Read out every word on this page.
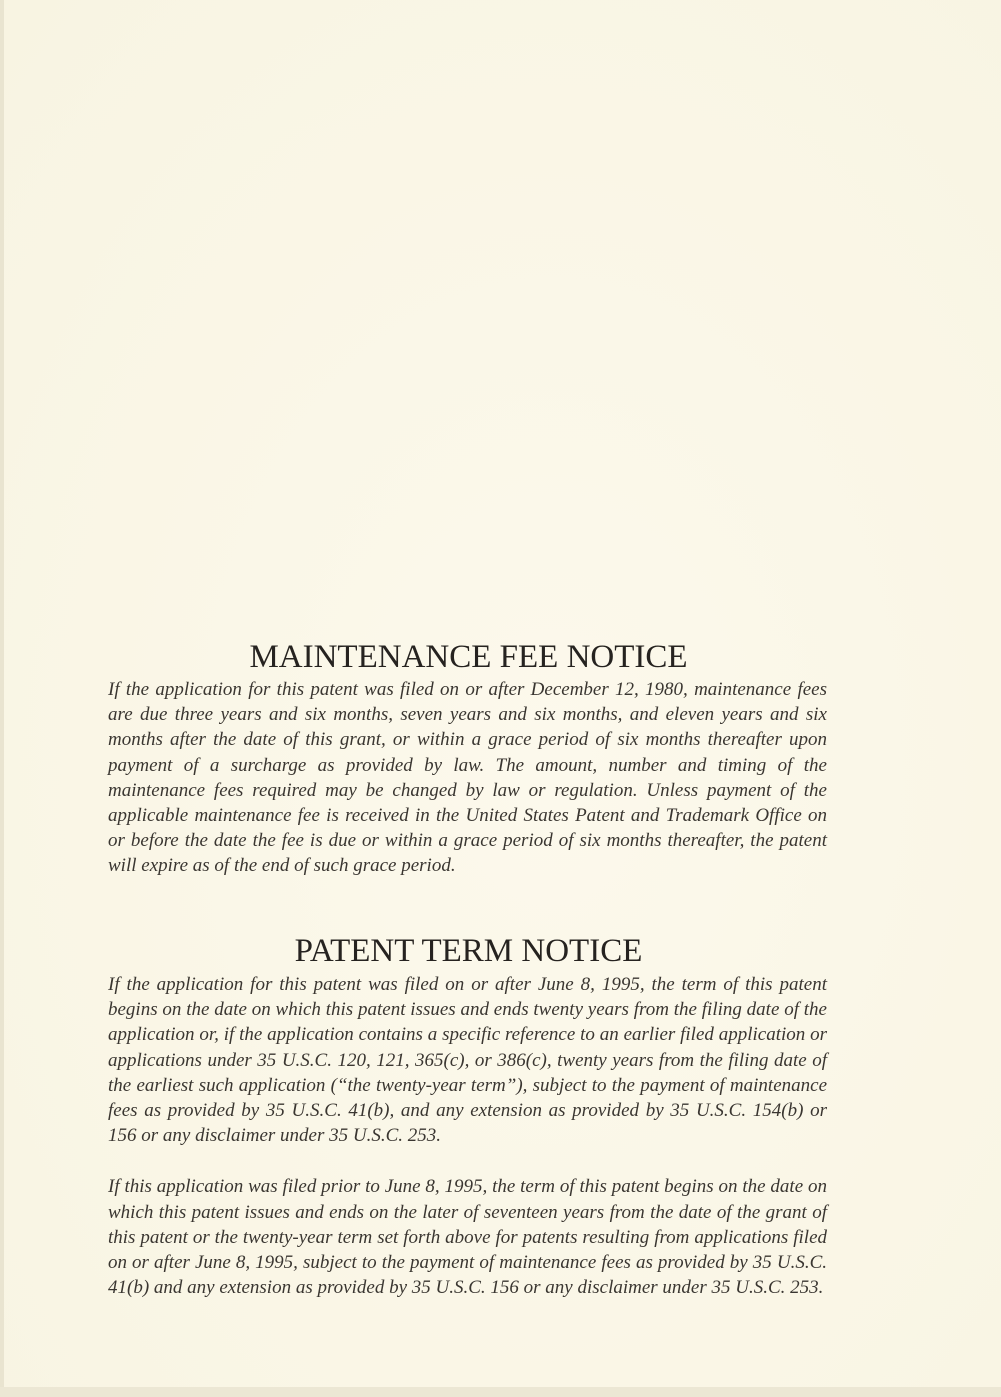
MAINTENANCE FEE NOTICE

If the application for this patent was filed on or after December 12, 1980, maintenance fees are due three years and six months, seven years and six months, and eleven years and six months after the date of this grant, or within a grace period of six months thereafter upon payment of a surcharge as provided by law. The amount, number and timing of the maintenance fees required may be changed by law or regulation. Unless payment of the applicable maintenance fee is received in the United States Patent and Trademark Office on or before the date the fee is due or within a grace period of six months thereafter, the patent will expire as of the end of such grace period.

PATENT TERM NOTICE

If the application for this patent was filed on or after June 8, 1995, the term of this patent begins on the date on which this patent issues and ends twenty years from the filing date of the application or, if the application contains a specific reference to an earlier filed application or applications under 35 U.S.C. 120, 121, 365(c), or 386(c), twenty years from the filing date of the earliest such application (“the twenty-year term”), subject to the payment of maintenance fees as provided by 35 U.S.C. 41(b), and any extension as provided by 35 U.S.C. 154(b) or 156 or any disclaimer under 35 U.S.C. 253.

If this application was filed prior to June 8, 1995, the term of this patent begins on the date on which this patent issues and ends on the later of seventeen years from the date of the grant of this patent or the twenty-year term set forth above for patents resulting from applications filed on or after June 8, 1995, subject to the payment of maintenance fees as provided by 35 U.S.C. 41(b) and any extension as provided by 35 U.S.C. 156 or any disclaimer under 35 U.S.C. 253.
